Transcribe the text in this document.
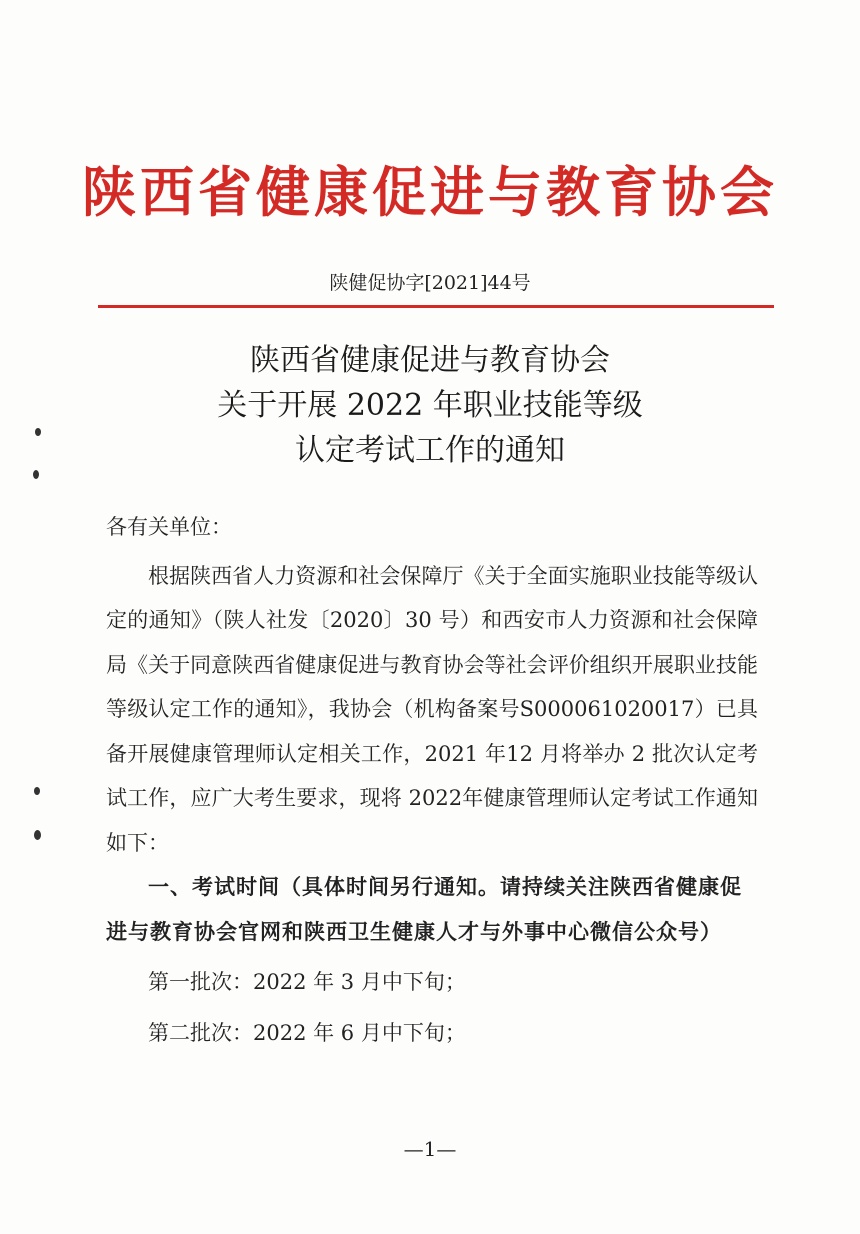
陕西省健康促进与教育协会
陕健促协字[2021]44号
陕西省健康促进与教育协会
关于开展 2022 年职业技能等级
认定考试工作的通知

各有关单位：

根据陕西省人力资源和社会保障厅《关于全面实施职业技能等级认定的通知》（陕人社发〔2020〕30 号）和西安市人力资源和社会保障局《关于同意陕西省健康促进与教育协会等社会评价组织开展职业技能等级认定工作的通知》，我协会（机构备案号S000061020017）已具备开展健康管理师认定相关工作，2021 年12 月将举办 2 批次认定考试工作，应广大考生要求，现将 2022年健康管理师认定考试工作通知如下：

一、考试时间（具体时间另行通知。请持续关注陕西省健康促进与教育协会官网和陕西卫生健康人才与外事中心微信公众号）

第一批次：2022 年 3 月中下旬；

第二批次：2022 年 6 月中下旬；

—1—
